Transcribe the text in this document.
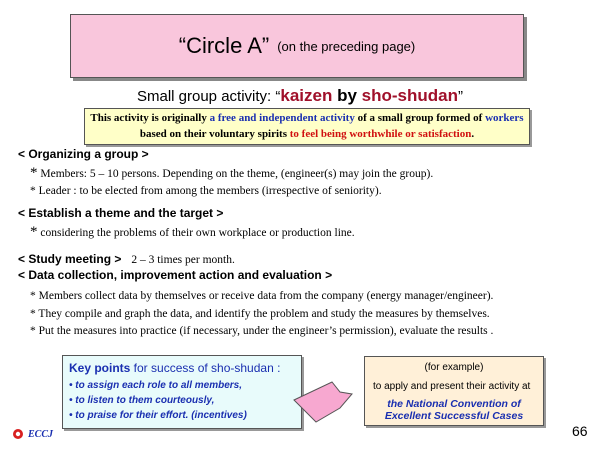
“Circle A” (on the preceding page)
Small group activity: “kaizen by sho-shudan”
This activity is originally a free and independent activity of a small group formed of workers
based on their voluntary spirits to feel being worthwhile or satisfaction.
< Organizing a group >
* Members: 5 – 10 persons. Depending on the theme, (engineer(s) may join the group).
* Leader : to be elected from among the members (irrespective of seniority).
< Establish a theme and the target >
* considering the problems of their own workplace or production line.
< Study meeting > 2 – 3 times per month.
< Data collection, improvement action and evaluation >
* Members collect data by themselves or receive data from the company (energy manager/engineer).
* They compile and graph the data, and identify the problem and study the measures by themselves.
* Put the measures into practice (if necessary, under the engineer’s permission), evaluate the results .
Key points for success of sho-shudan :
• to assign each role to all members,
• to listen to them courteously,
• to praise for their effort. (incentives)
(for example)
to apply and present their activity at
the National Convention of
Excellent Successful Cases
ECCJ	66
